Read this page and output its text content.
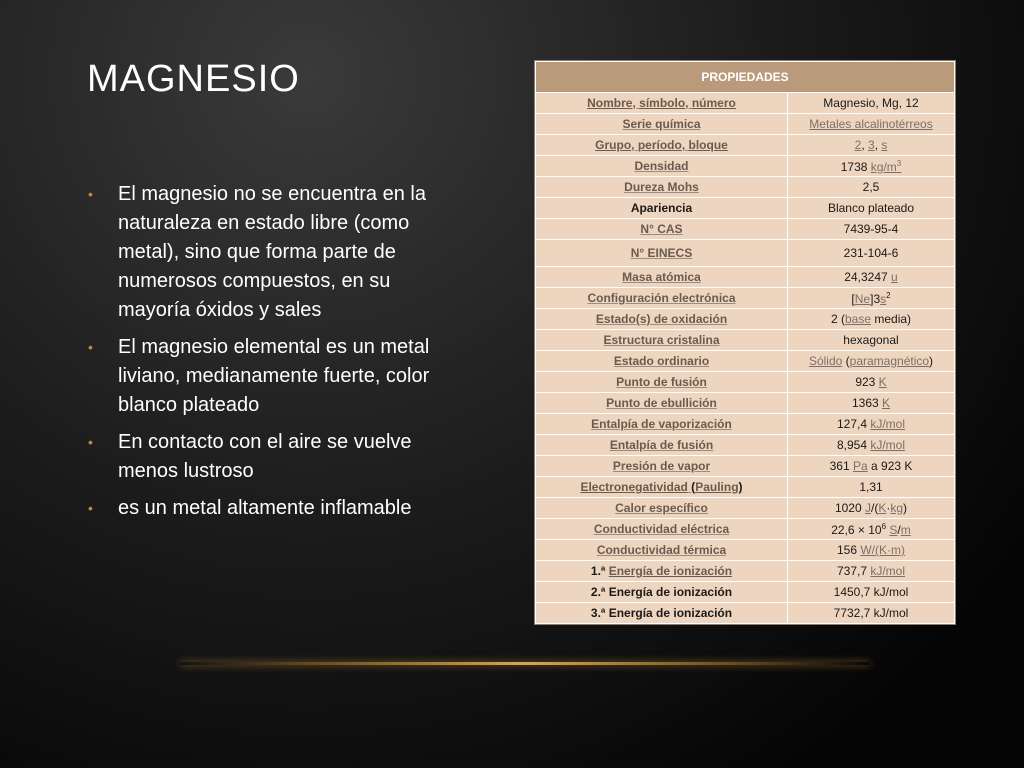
MAGNESIO
• El magnesio no se encuentra en la naturaleza en estado libre (como metal), sino que forma parte de numerosos compuestos, en su mayoría óxidos y sales
• El magnesio elemental es un metal liviano, medianamente fuerte, color blanco plateado
• En contacto con el aire se vuelve menos lustroso
• es un metal altamente inflamable
PROPIEDADES	
Nombre, símbolo, número	Magnesio, Mg, 12
Serie química	Metales alcalinotérreos
Grupo, período, bloque	2, 3, s
Densidad	1738 $kg/m^3$
Dureza Mohs	2,5
Apariencia	Blanco plateado
N° CAS	7439-95-4
N° EINECS	231-104-6
Masa atómica	24,3247 u
Configuración electrónica	$[Ne]3s^2$
Estado(s) de oxidación	2 (base media)
Estructura cristalina	hexagonal
Estado ordinario	Sólido (paramagnético)
Punto de fusión	923 K
Punto de ebullición	1363 K
Entalpía de vaporización	127,4 kJ/mol
Entalpía de fusión	8,954 kJ/mol
Presión de vapor	361 Pa a 923 K
Electronegatividad (Pauling)	1,31
Calor específico	1020 J/(K·kg)
Conductividad eléctrica	$22,6 \times 10^6$ S/m
Conductividad térmica	156 W/(K·m)
1.ª Energía de ionización	737,7 kJ/mol
2.ª Energía de ionización	1450,7 kJ/mol
3.ª Energía de ionización	7732,7 kJ/mol
